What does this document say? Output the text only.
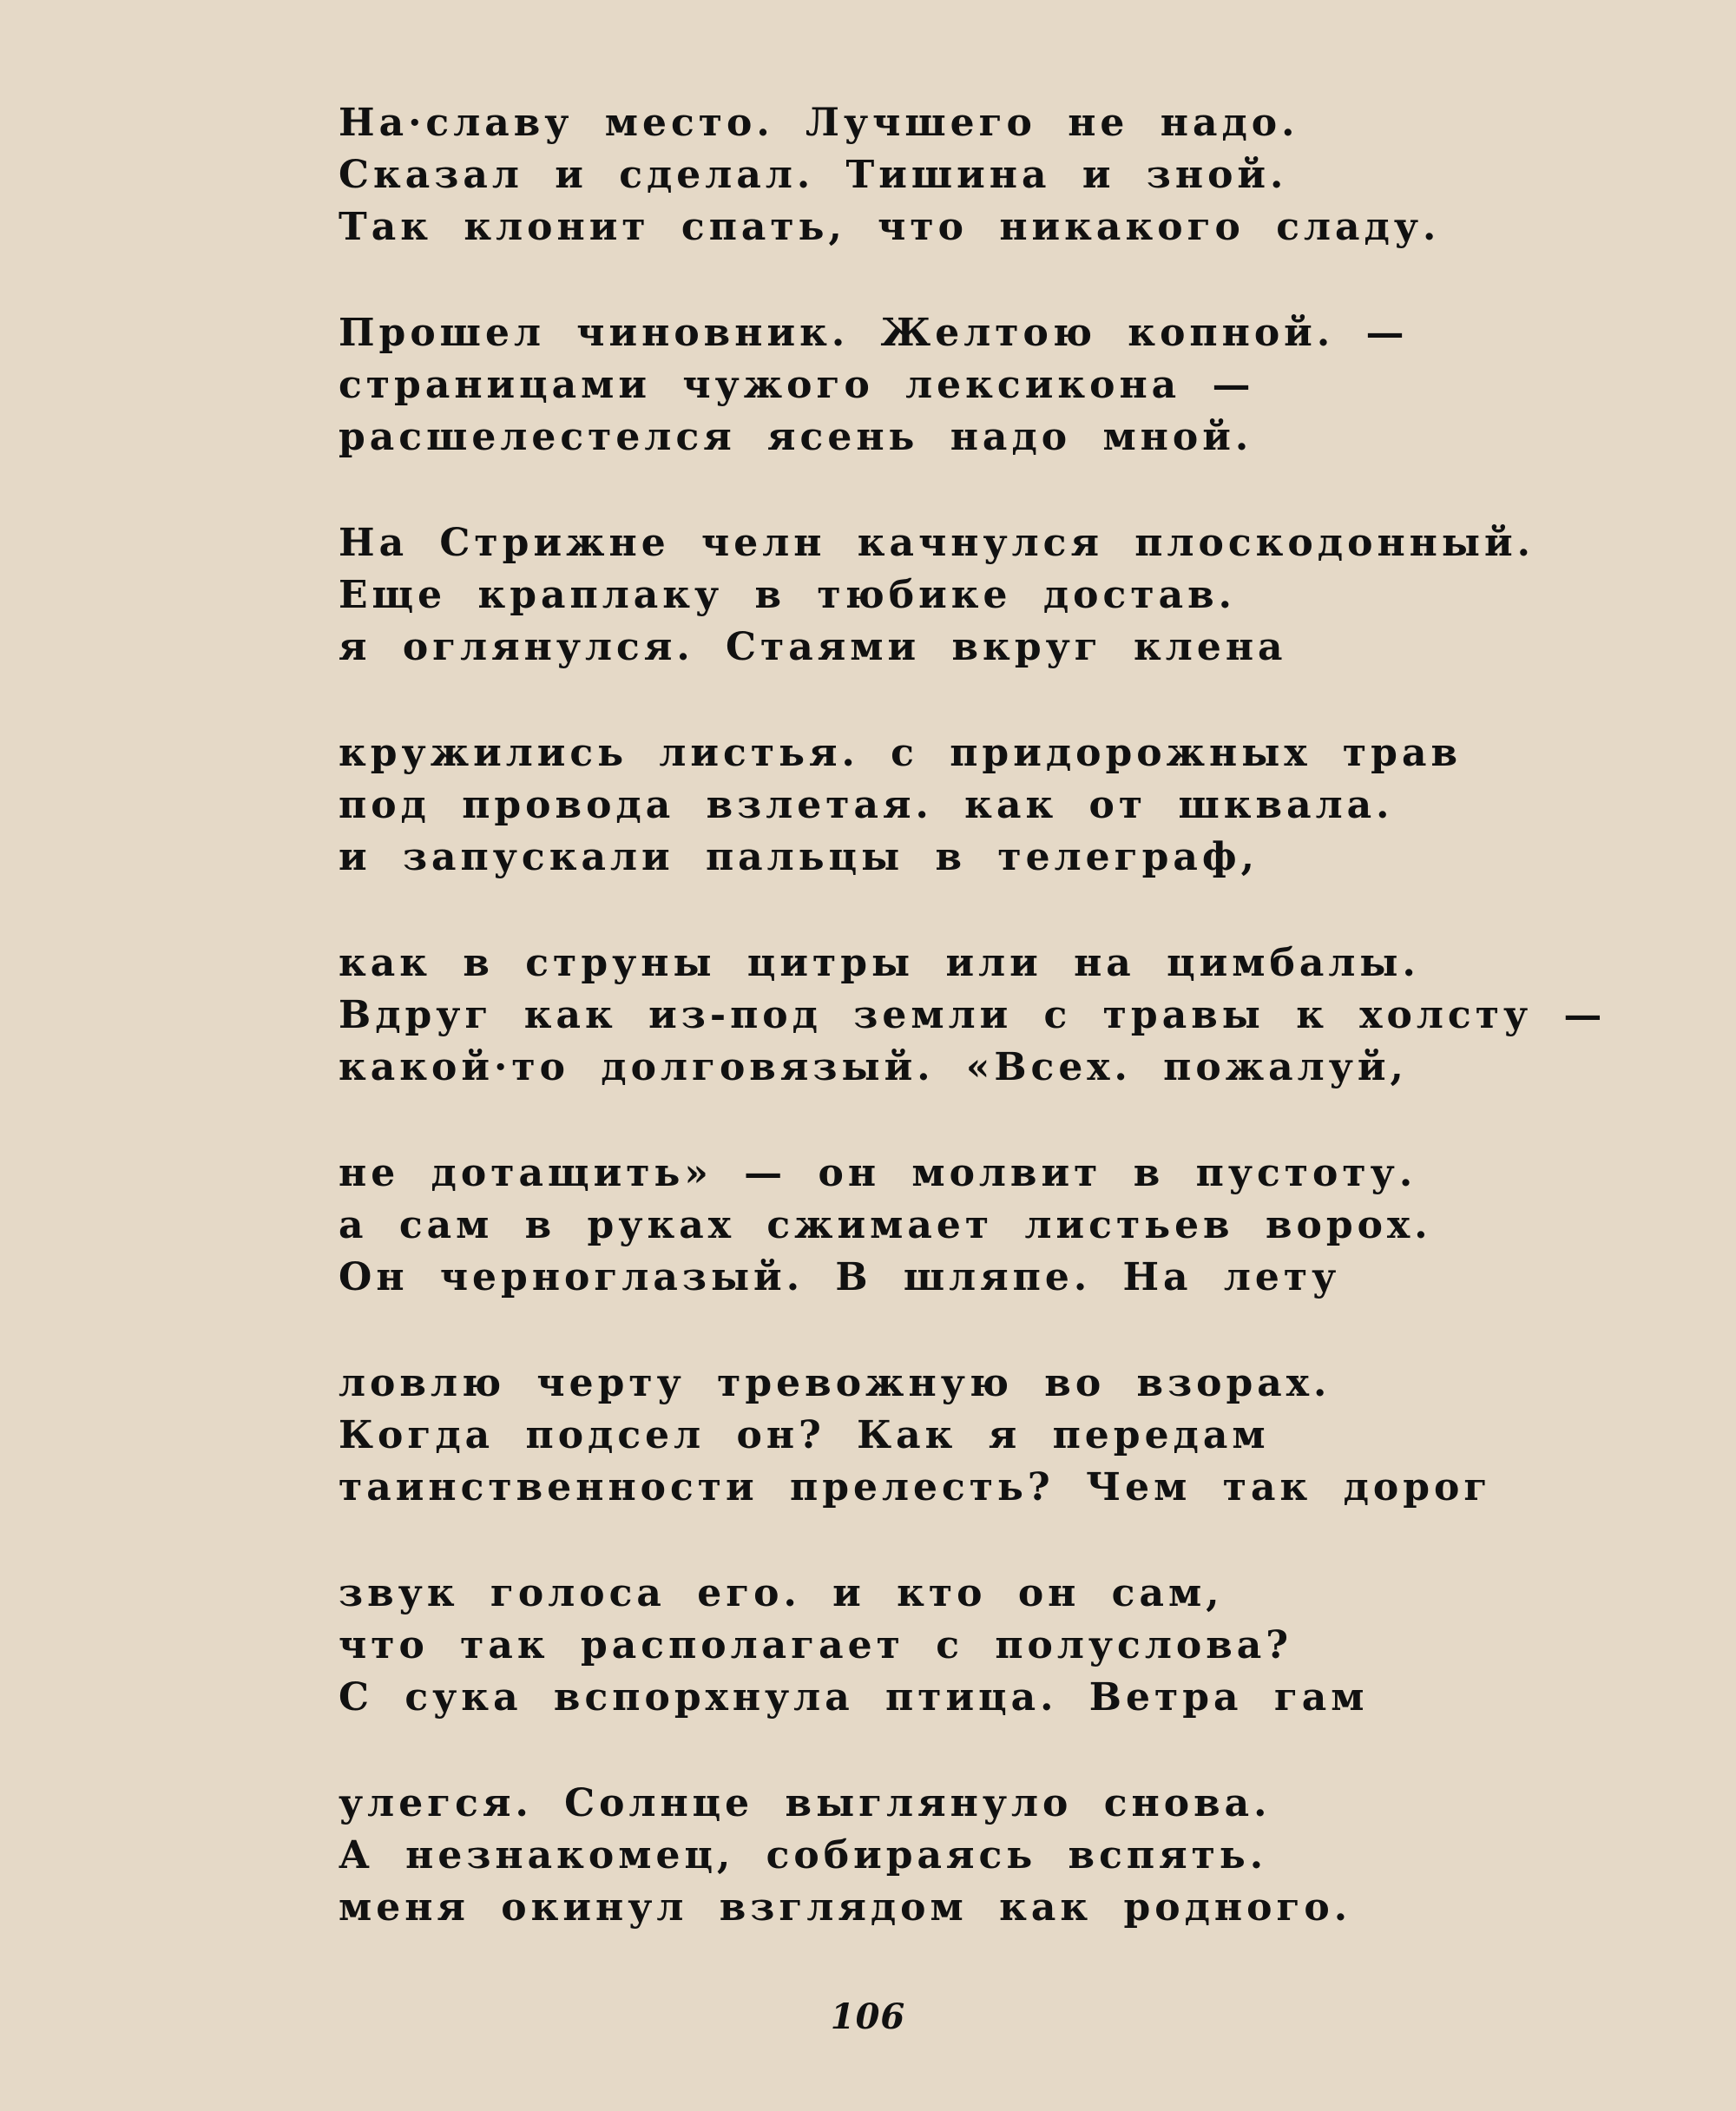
На·славу место. Лучшего не надо.
Сказал и сделал. Тишина и зной.
Так клонит спать, что никакого сладу.
Прошел чиновник. Желтою копной. —
страницами чужого лексикона —
расшелестелся ясень надо мной.
На Стрижне челн качнулся плоскодонный.
Еще краплаку в тюбике достав.
я оглянулся. Стаями вкруг клена
кружились листья. с придорожных трав
под провода взлетая. как от шквала.
и запускали пальцы в телеграф,
как в струны цитры или на цимбалы.
Вдруг как из-под земли с травы к холсту —
какой·то долговязый. «Всех. пожалуй,
не дотащить» — он молвит в пустоту.
а сам в руках сжимает листьев ворох.
Он черноглазый. В шляпе. На лету
ловлю черту тревожную во взорах.
Когда подсел он? Как я передам
таинственности прелесть? Чем так дорог
звук голоса его. и кто он сам,
что так располагает с полуслова?
С сука вспорхнула птица. Ветра гам
улегся. Солнце выглянуло снова.
А незнакомец, собираясь вспять.
меня окинул взглядом как родного.
106
